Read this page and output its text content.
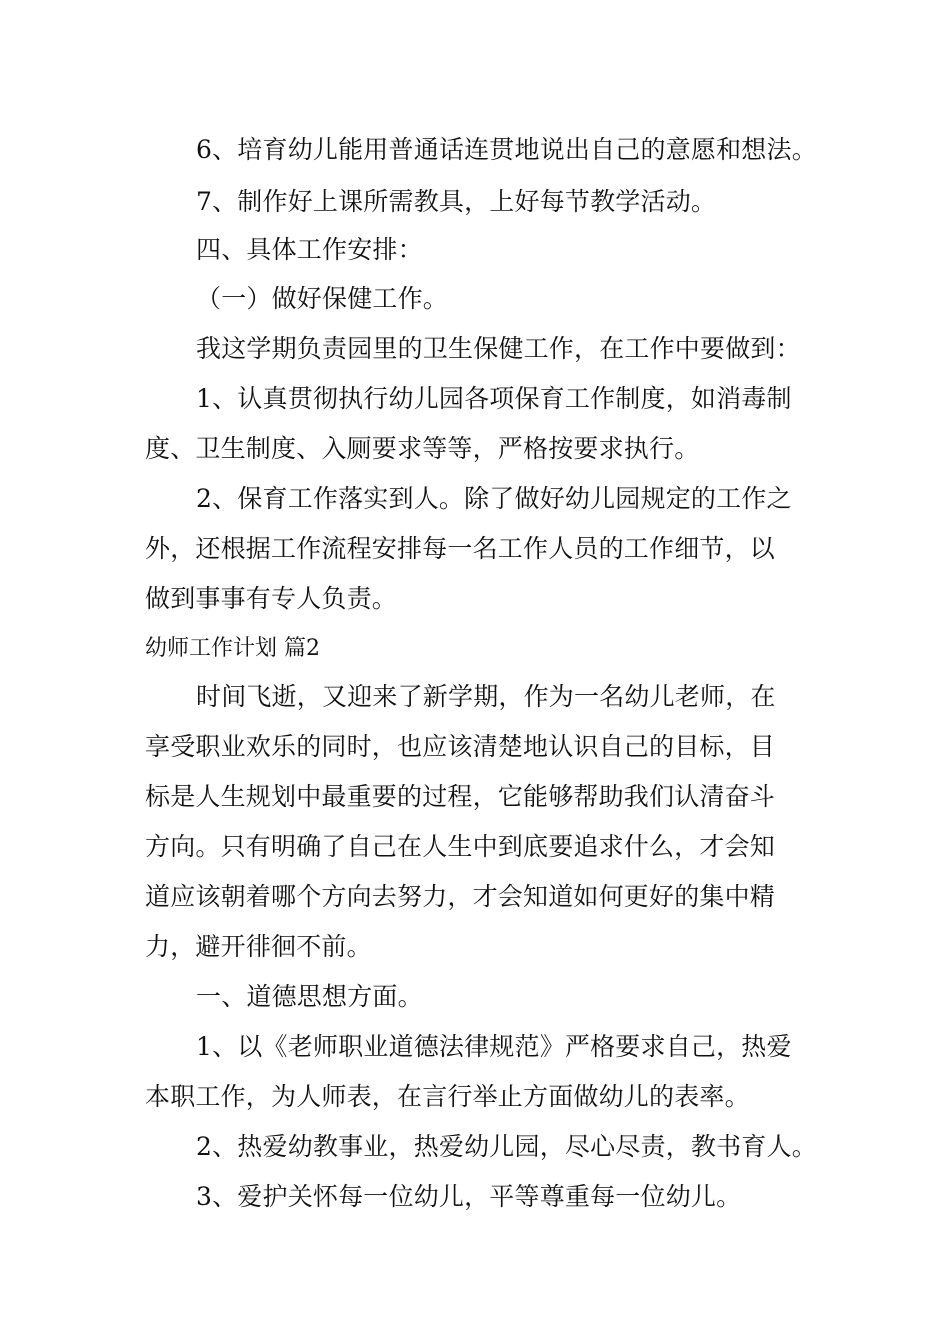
6、培育幼儿能用普通话连贯地说出自己的意愿和想法。
7、制作好上课所需教具，上好每节教学活动。
四、具体工作安排：
（一）做好保健工作。
我这学期负责园里的卫生保健工作，在工作中要做到：
1、认真贯彻执行幼儿园各项保育工作制度，如消毒制
度、卫生制度、入厕要求等等，严格按要求执行。
2、保育工作落实到人。除了做好幼儿园规定的工作之
外，还根据工作流程安排每一名工作人员的工作细节，以
做到事事有专人负责。
幼师工作计划 篇2
时间飞逝，又迎来了新学期，作为一名幼儿老师，在
享受职业欢乐的同时，也应该清楚地认识自己的目标，目
标是人生规划中最重要的过程，它能够帮助我们认清奋斗
方向。只有明确了自己在人生中到底要追求什么，才会知
道应该朝着哪个方向去努力，才会知道如何更好的集中精
力，避开徘徊不前。
一、道德思想方面。
1、以《老师职业道德法律规范》严格要求自己，热爱
本职工作，为人师表，在言行举止方面做幼儿的表率。
2、热爱幼教事业，热爱幼儿园，尽心尽责，教书育人。
3、爱护关怀每一位幼儿，平等尊重每一位幼儿。
